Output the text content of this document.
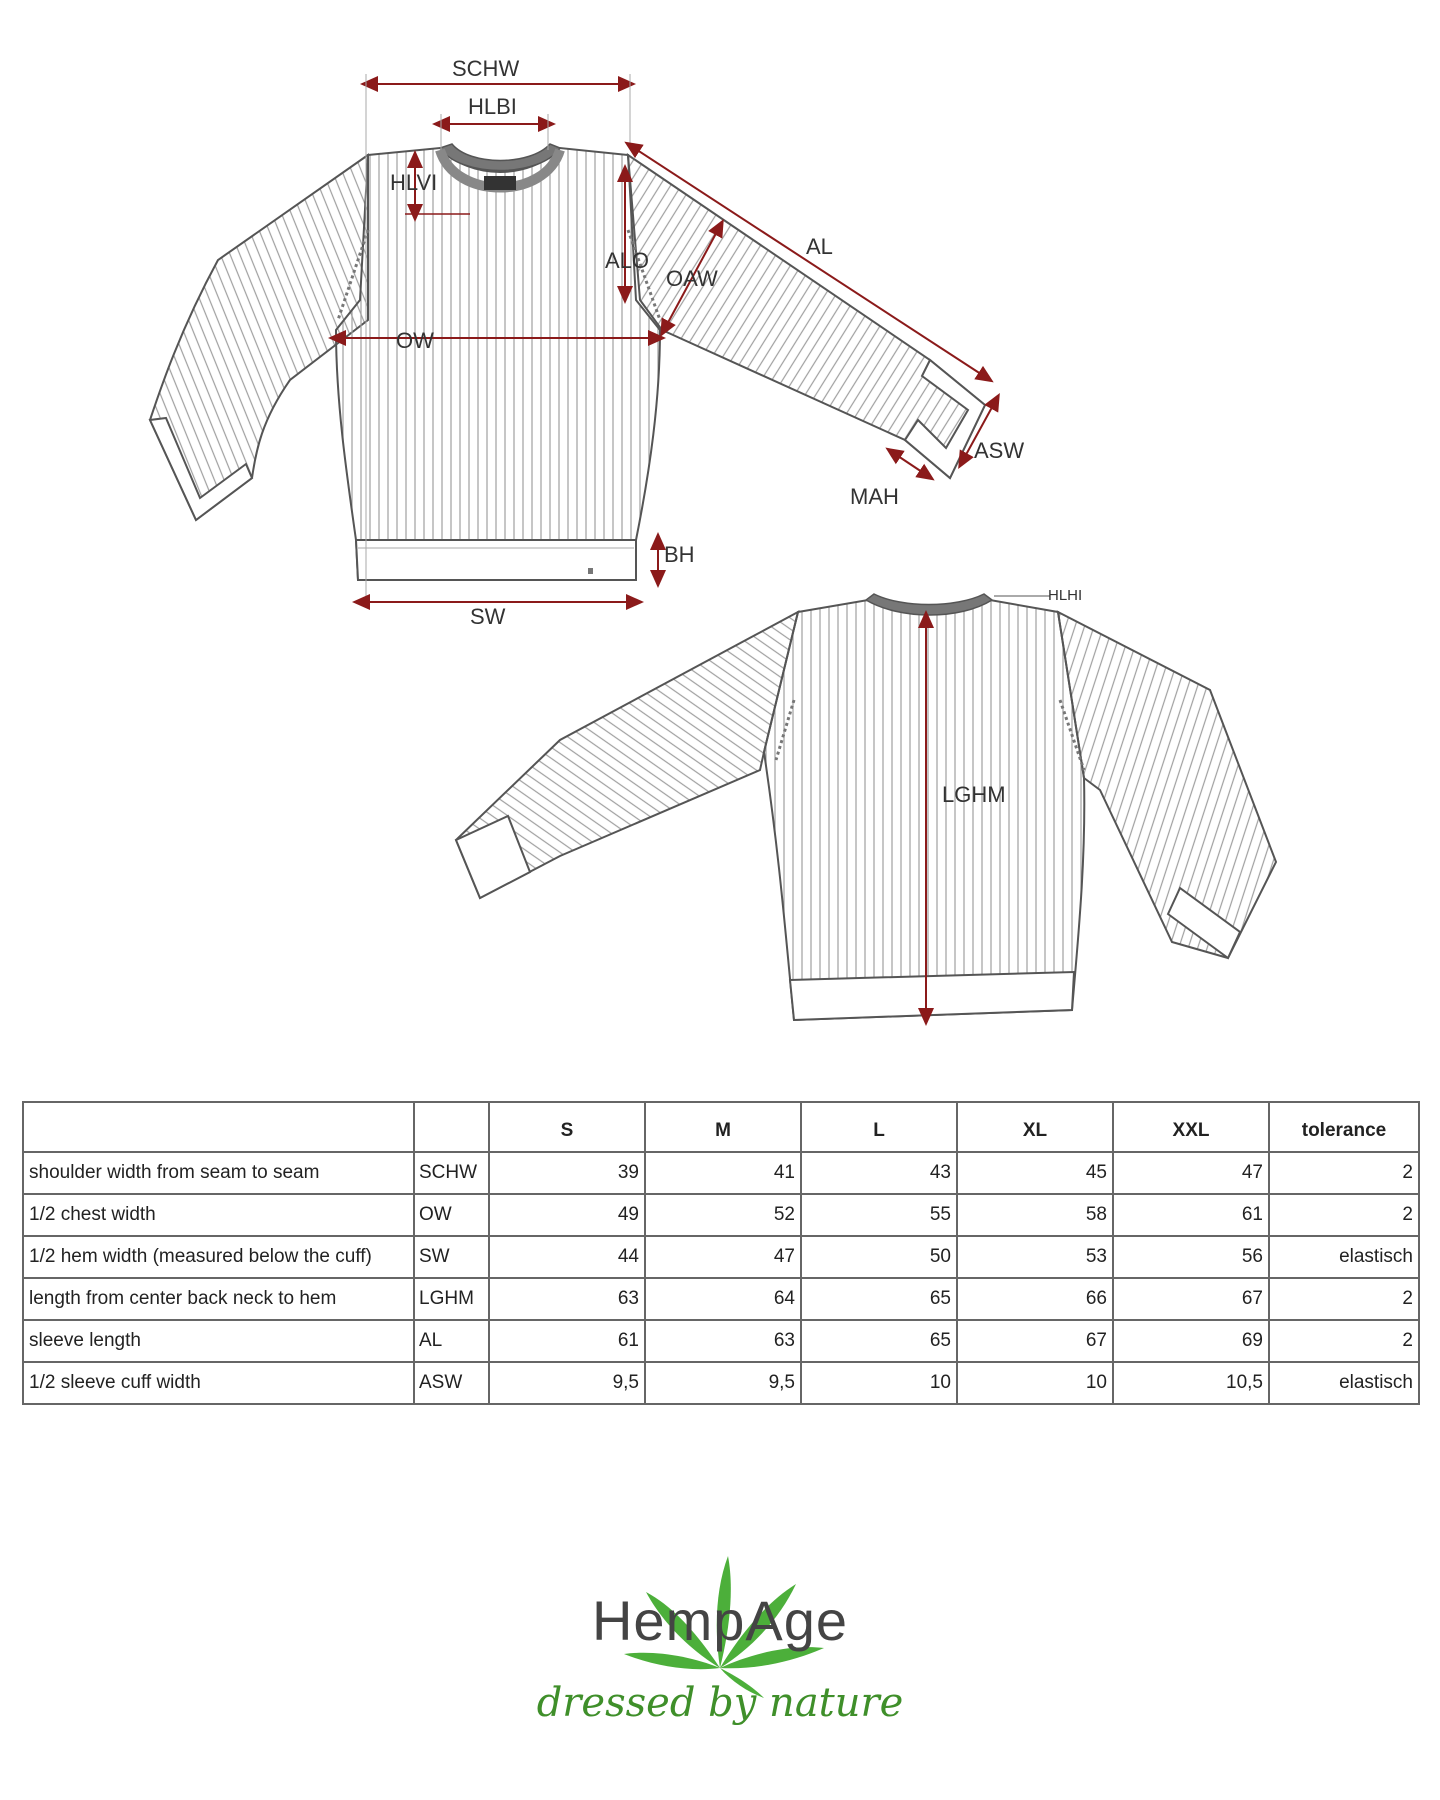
SCHW
HLBI
HLVI
AL
ALO
OAW
OW
ASW
MAH
BH
SW
HLHI
LGHM
		S	M	L	XL	XXL	tolerance
shoulder width from seam to seam	SCHW	39	41	43	45	47	2
1/2 chest width	OW	49	52	55	58	61	2
1/2 hem width (measured below the cuff)	SW	44	47	50	53	56	elastisch
length from center back neck to hem	LGHM	63	64	65	66	67	2
sleeve length	AL	61	63	65	67	69	2
1/2 sleeve cuff width	ASW	9,5	9,5	10	10	10,5	elastisch
HempAge
dressed by nature
